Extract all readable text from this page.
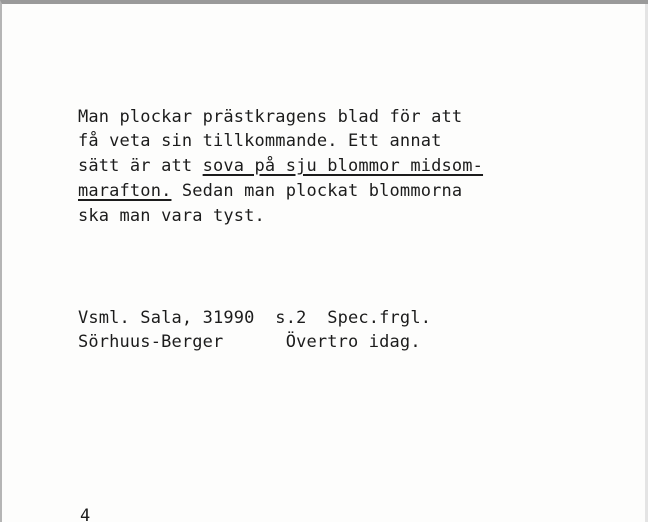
Man plockar prästkragens blad för att
få veta sin tillkommande. Ett annat
sätt är att sova på sju blommor midsom-
marafton. Sedan man plockat blommorna
ska man vara tyst.
Vsml. Sala, 31990  s.2  Spec.frgl.
Sörhuus-Berger      Övertro idag.
4
